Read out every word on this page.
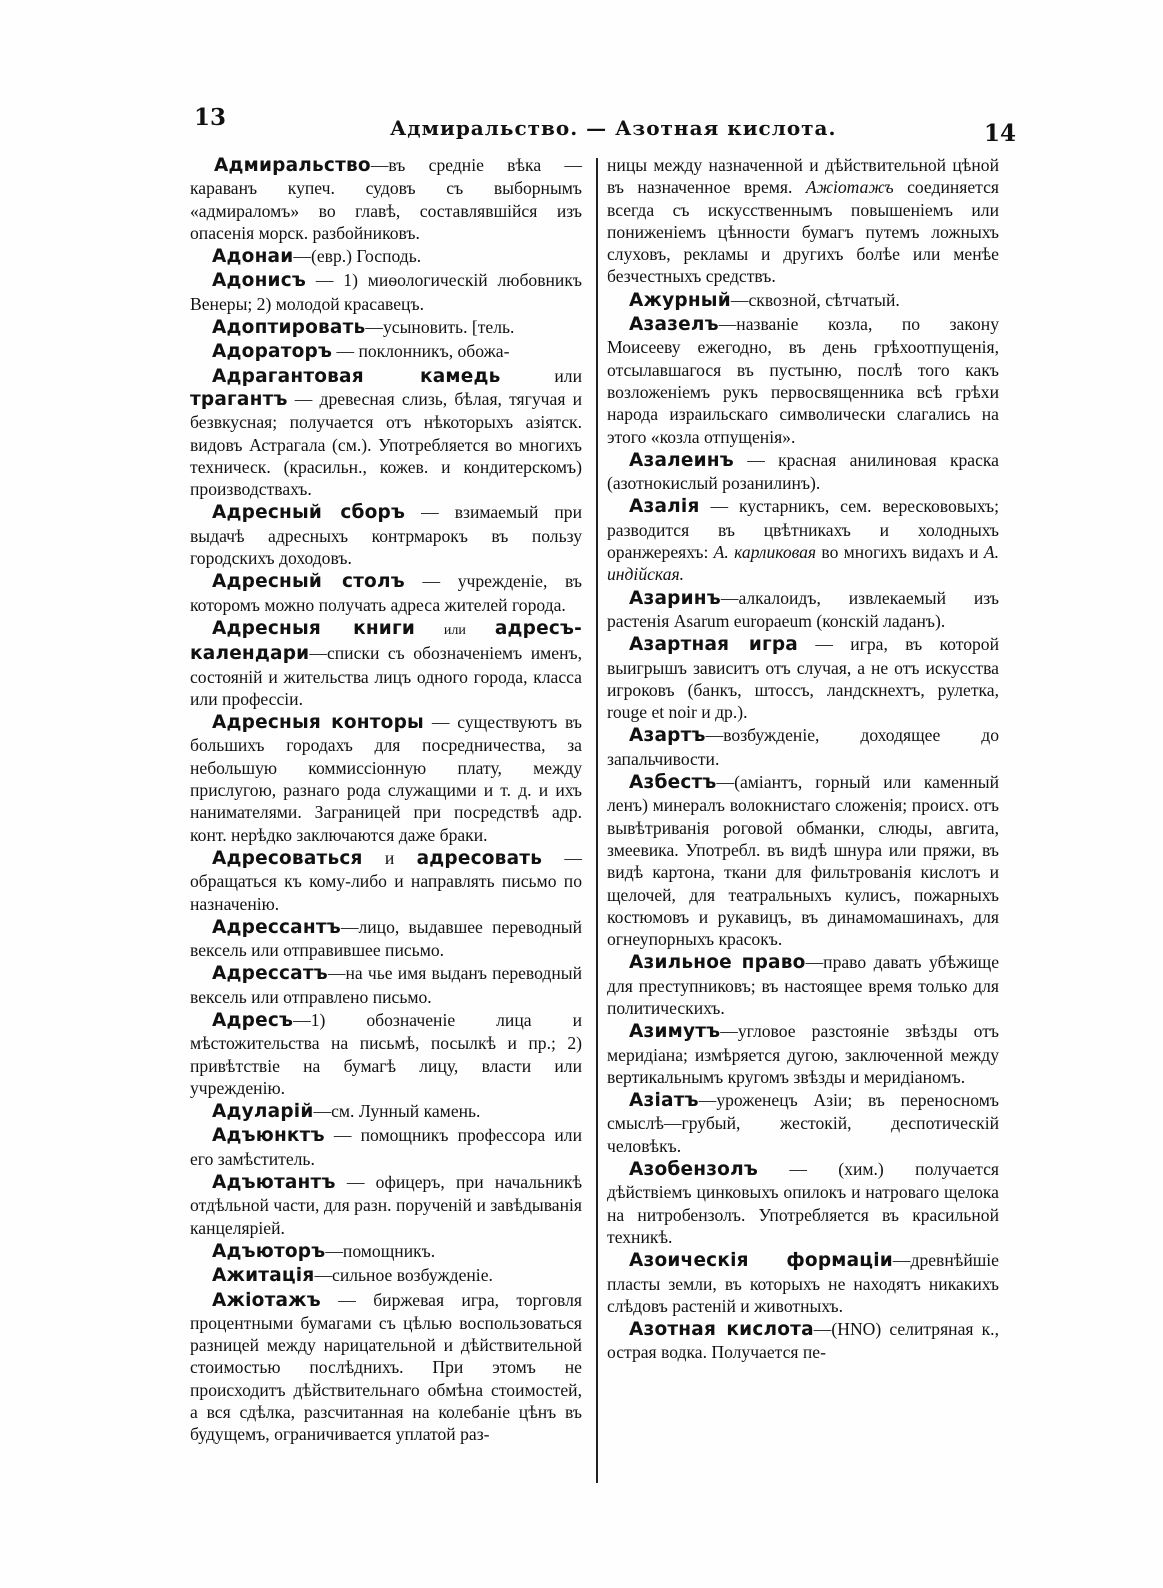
13	Адмиральство. — Азотная кислота.	14

Адмиральство—въ средніе вѣка —караванъ купеч. судовъ съ выборнымъ «адмираломъ» во главѣ, составлявшійся изъ опасенія морск. разбойниковъ.

Адонаи—(евр.) Господь.

Адонисъ — 1) миѳологическій любовникъ Венеры; 2) молодой красавецъ.

Адоптировать—усыновить. [тель.

Адораторъ — поклонникъ, обожа-

Адрагантовая камедь или трагантъ — древесная слизь, бѣлая, тягучая и безвкусная; получается отъ нѣкоторыхъ азіятск. видовъ Астрагала (см.). Употребляется во многихъ техническ. (красильн., кожев. и кондитерскомъ) производствахъ.

Адресный сборъ — взимаемый при выдачѣ адресныхъ контрмарокъ въ пользу городскихъ доходовъ.

Адресный столъ — учрежденіе, въ которомъ можно получать адреса жителей города.

Адресныя книги или адресъ-календари—списки съ обозначеніемъ именъ, состояній и жительства лицъ одного города, класса или профессіи.

Адресныя конторы — существуютъ въ большихъ городахъ для посредничества, за небольшую коммиссіонную плату, между прислугою, разнаго рода служащими и т. д. и ихъ нанимателями. Заграницей при посредствѣ адр. конт. нерѣдко заключаются даже браки.

Адресоваться и адресовать — обращаться къ кому-либо и направлять письмо по назначенію.

Адрессантъ—лицо, выдавшее переводный вексель или отправившее письмо.

Адрессатъ—на чье имя выданъ переводный вексель или отправлено письмо.

Адресъ—1) обозначеніе лица и мѣстожительства на письмѣ, посылкѣ и пр.; 2) привѣтствіе на бумагѣ лицу, власти или учрежденію.

Адуларій—см. Лунный камень.

Адъюнктъ — помощникъ профессора или его замѣститель.

Адъютантъ — офицеръ, при начальникѣ отдѣльной части, для разн. порученій и завѣдыванія канцеляріей.

Адъюторъ—помощникъ.

Ажитація—сильное возбужденіе.

Ажіотажъ — биржевая игра, торговля процентными бумагами съ цѣлью воспользоваться разницей между нарицательной и дѣйствительной стоимостью послѣднихъ. При этомъ не происходитъ дѣйствительнаго обмѣна стоимостей, а вся сдѣлка, разсчитанная на колебаніе цѣнъ въ будущемъ, ограничивается уплатой раз-

ницы между назначенной и дѣйствительной цѣной въ назначенное время. Ажіотажъ соединяется всегда съ искусственнымъ повышеніемъ или пониженіемъ цѣнности бумагъ путемъ ложныхъ слуховъ, рекламы и другихъ болѣе или менѣе безчестныхъ средствъ.

Ажурный—сквозной, сѣтчатый.

Азазелъ—названіе козла, по закону Моисееву ежегодно, въ день грѣхоотпущенія, отсылавшагося въ пустыню, послѣ того какъ возложеніемъ рукъ первосвященника всѣ грѣхи народа израильскаго символически слагались на этого «козла отпущенія».

Азалеинъ — красная анилиновая краска (азотнокислый розанилинъ).

Азалія — кустарникъ, сем. верескововыхъ; разводится въ цвѣтникахъ и холодныхъ оранжереяхъ: А. карликовая во многихъ видахъ и А. индійская.

Азаринъ—алкалоидъ, извлекаемый изъ растенія Asarum europaeum (конскій ладанъ).

Азартная игра — игра, въ которой выигрышъ зависитъ отъ случая, а не отъ искусства игроковъ (банкъ, штоссъ, ландскнехтъ, рулетка, rouge et noir и др.).

Азартъ—возбужденіе, доходящее до запальчивости.

Азбестъ—(аміантъ, горный или каменный ленъ) минералъ волокнистаго сложенія; происх. отъ вывѣтриванія роговой обманки, слюды, авгита, змеевика. Употребл. въ видѣ шнура или пряжи, въ видѣ картона, ткани для фильтрованія кислотъ и щелочей, для театральныхъ кулисъ, пожарныхъ костюмовъ и рукавицъ, въ динамомашинахъ, для огнеупорныхъ красокъ.

Азильное право—право давать убѣжище для преступниковъ; въ настоящее время только для политическихъ.

Азимутъ—угловое разстояніе звѣзды отъ меридіана; измѣряется дугою, заключенной между вертикальнымъ кругомъ звѣзды и меридіаномъ.

Азіатъ—уроженецъ Азіи; въ переносномъ смыслѣ—грубый, жестокій, деспотическій человѣкъ.

Азобензолъ — (хим.) получается дѣйствіемъ цинковыхъ опилокъ и натроваго щелока на нитробензолъ. Употребляется въ красильной техникѣ.

Азоическія формаціи—древнѣйшіе пласты земли, въ которыхъ не находятъ никакихъ слѣдовъ растеній и животныхъ.

Азотная кислота—(HNO) селитряная к., острая водка. Получается пе-
